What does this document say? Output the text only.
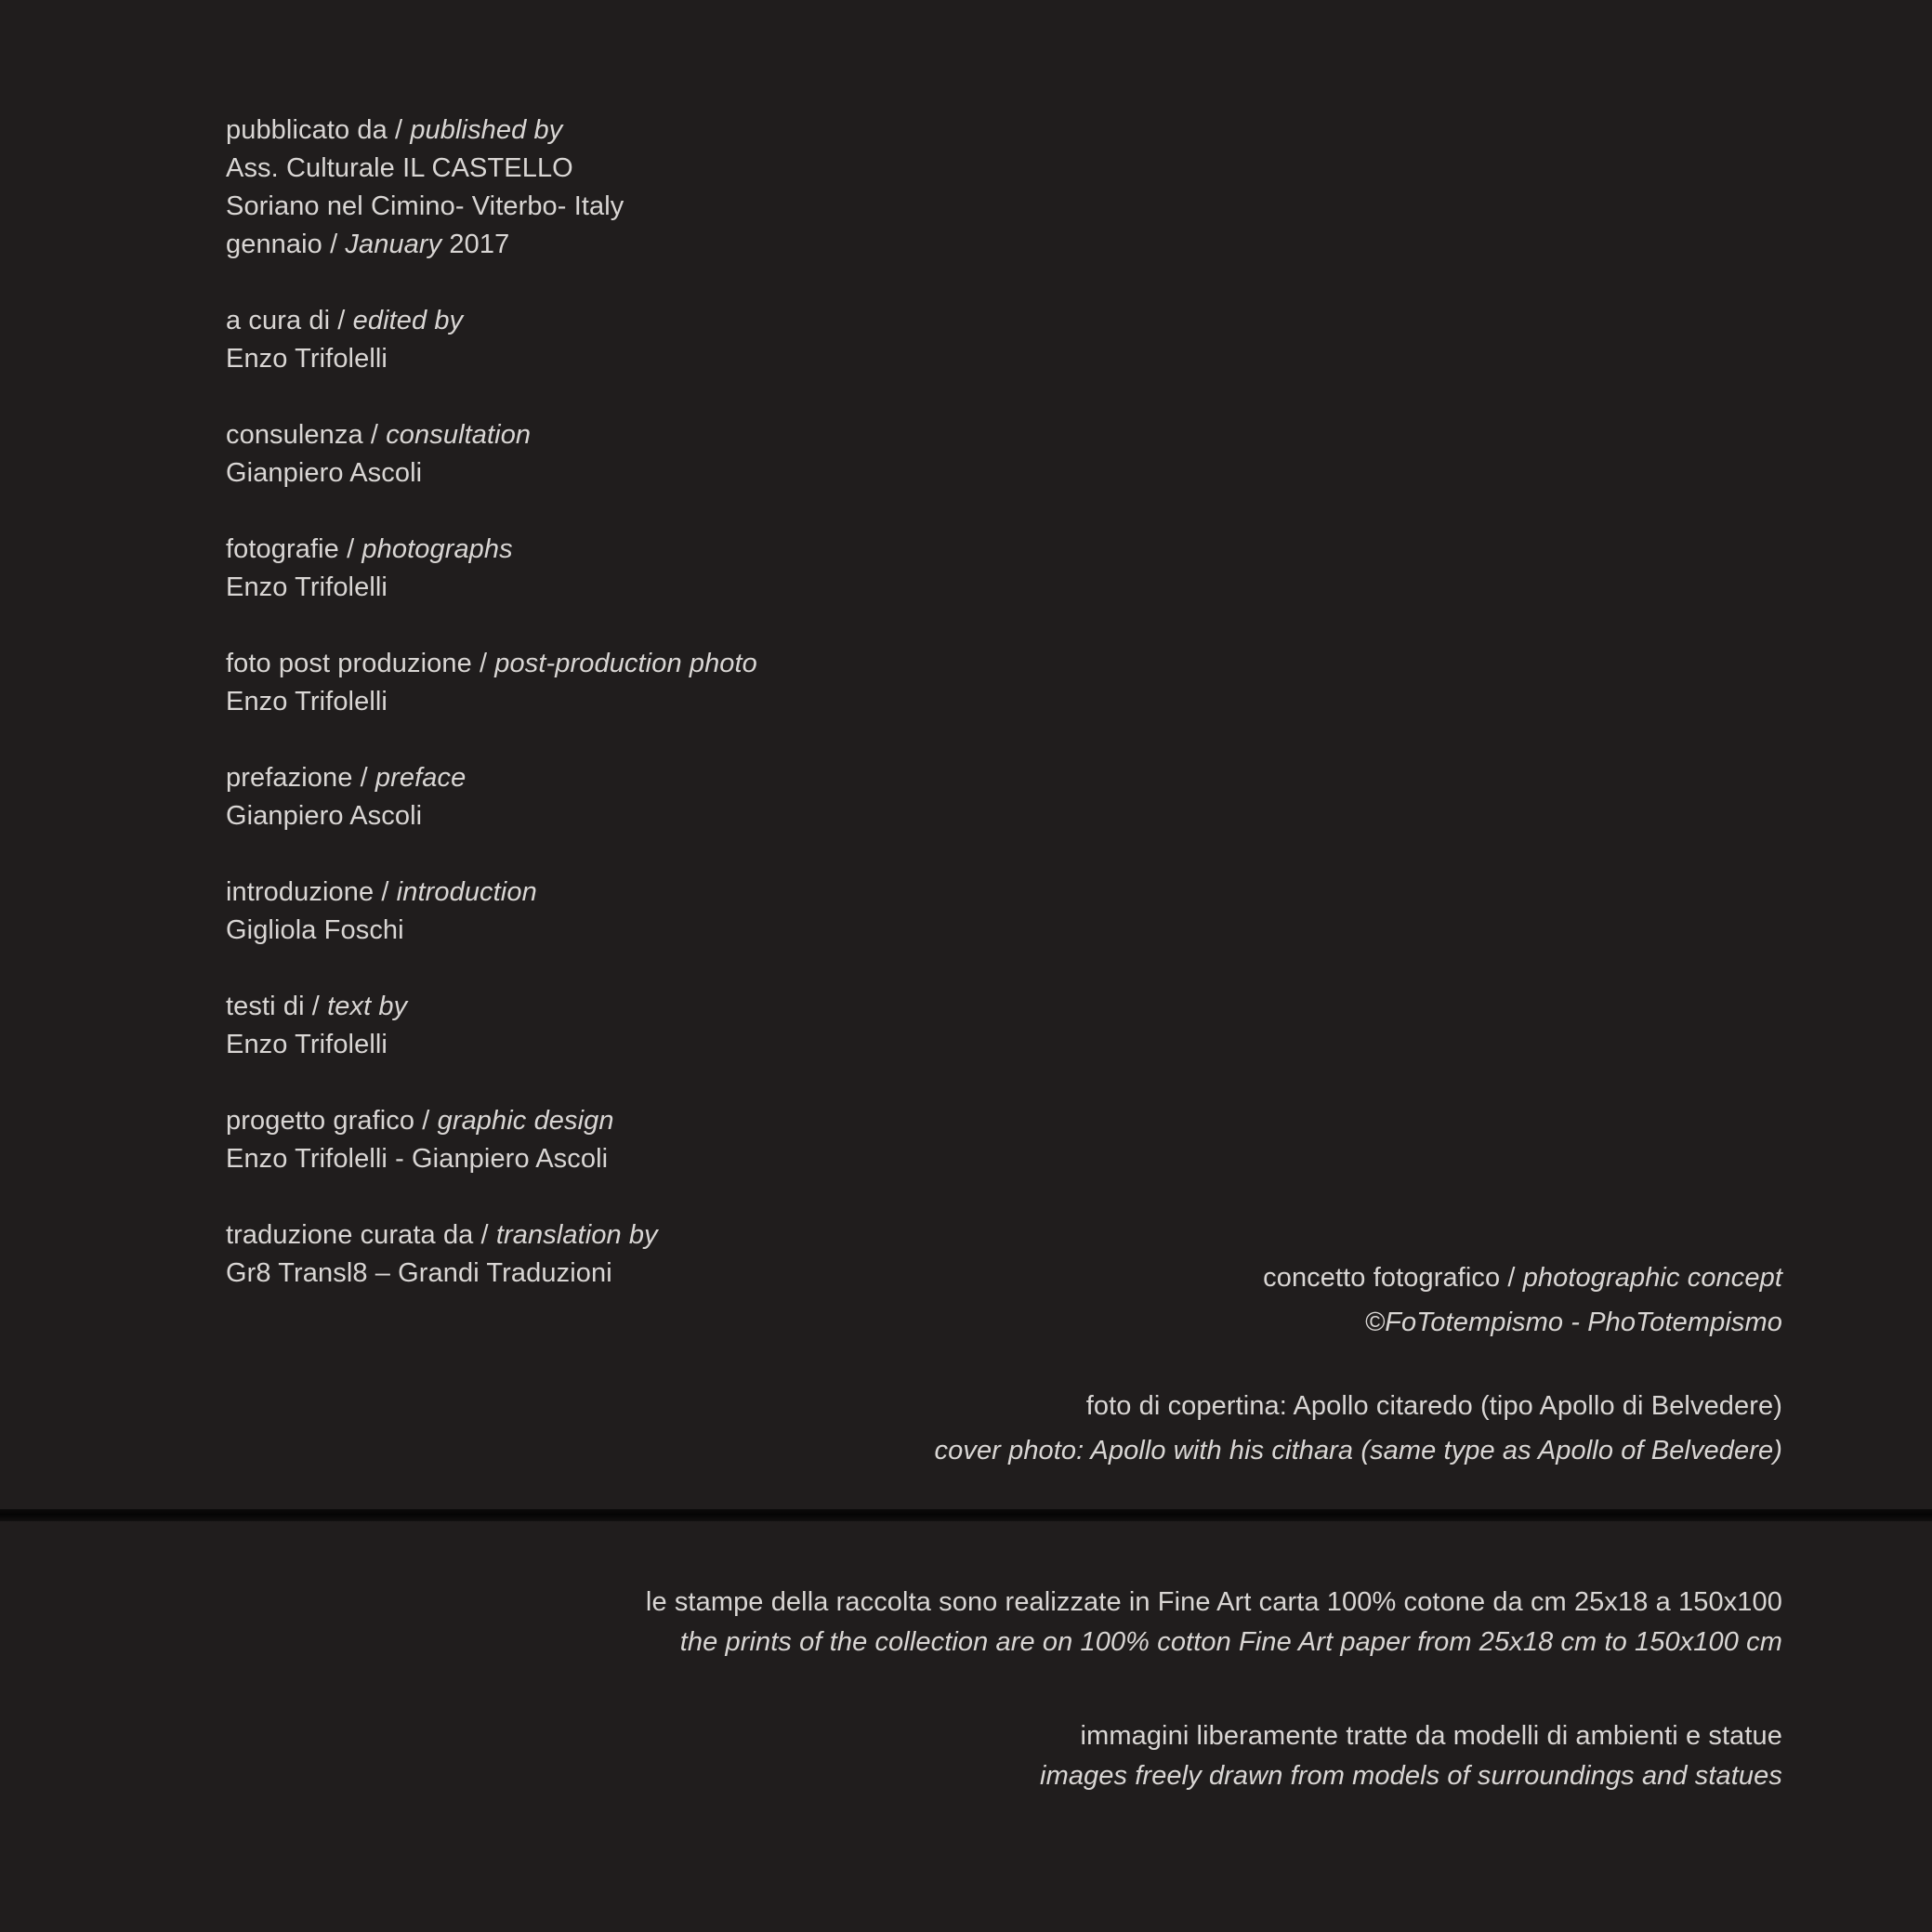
pubblicato da / published by
Ass. Culturale IL CASTELLO
Soriano nel Cimino- Viterbo- Italy
gennaio / January 2017
a cura di / edited by
Enzo Trifolelli
consulenza / consultation
Gianpiero Ascoli
fotografie / photographs
Enzo Trifolelli
foto post produzione / post-production photo
Enzo Trifolelli
prefazione / preface
Gianpiero Ascoli
introduzione / introduction
Gigliola Foschi
testi di / text by
Enzo Trifolelli
progetto grafico / graphic design
Enzo Trifolelli - Gianpiero Ascoli
traduzione curata da / translation by
Gr8 Transl8 – Grandi Traduzioni	concetto fotografico / photographic concept
©FoTotempismo - PhoTotempismo
foto di copertina: Apollo citaredo (tipo Apollo di Belvedere)
cover photo: Apollo with his cithara (same type as Apollo of Belvedere)
le stampe della raccolta sono realizzate in Fine Art carta 100% cotone da cm 25x18 a 150x100
the prints of the collection are on 100% cotton Fine Art paper from 25x18 cm to 150x100 cm
immagini liberamente tratte da modelli di ambienti e statue
images freely drawn from models of surroundings and statues
